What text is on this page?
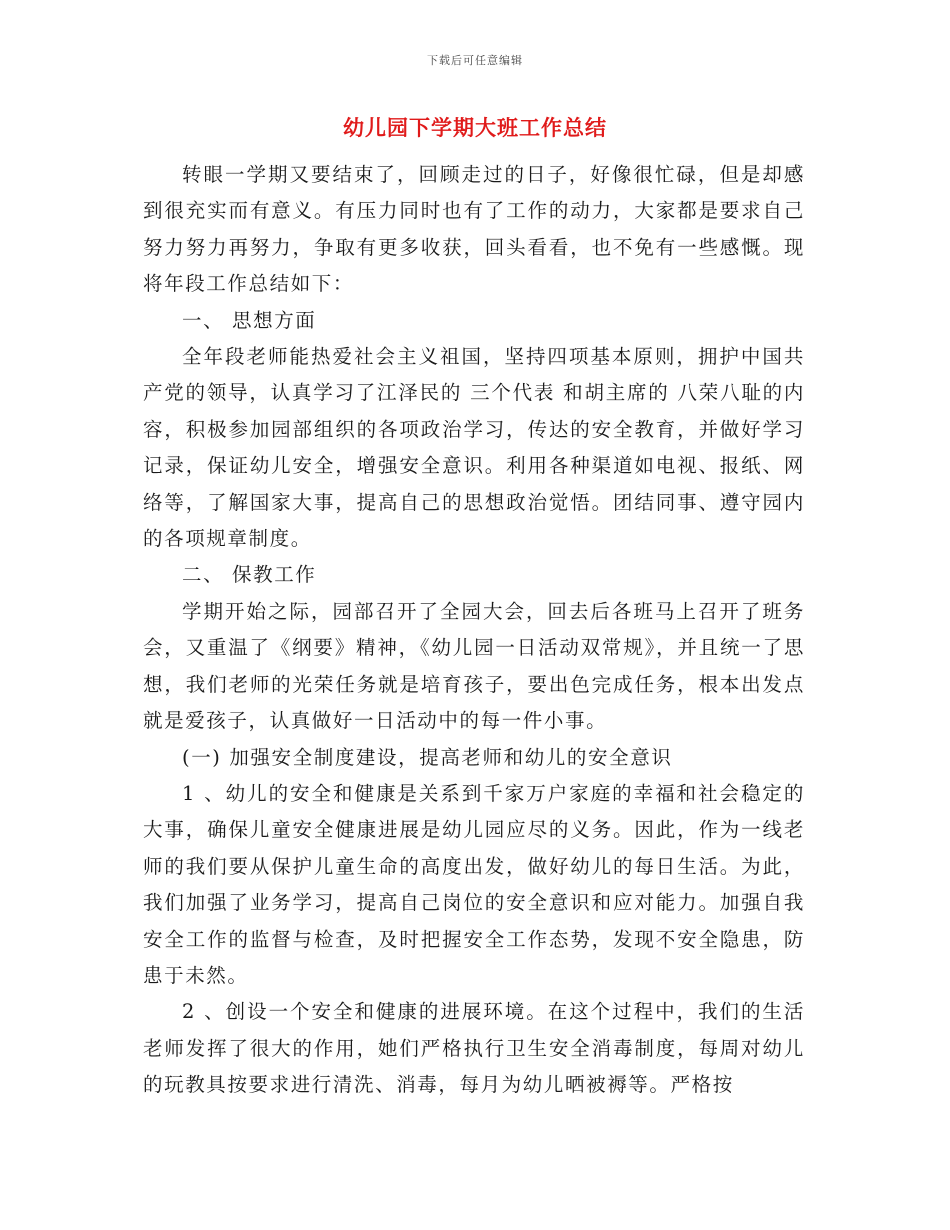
下载后可任意编辑
幼儿园下学期大班工作总结

转眼一学期又要结束了，回顾走过的日子，好像很忙碌，但是却感到很充实而有意义。有压力同时也有了工作的动力，大家都是要求自己努力努力再努力，争取有更多收获，回头看看，也不免有一些感慨。现将年段工作总结如下：

一、 思想方面

全年段老师能热爱社会主义祖国，坚持四项基本原则，拥护中国共产党的领导，认真学习了江泽民的 三个代表 和胡主席的 八荣八耻的内容，积极参加园部组织的各项政治学习，传达的安全教育，并做好学习记录，保证幼儿安全，增强安全意识。利用各种渠道如电视、报纸、网络等，了解国家大事，提高自己的思想政治觉悟。团结同事、遵守园内的各项规章制度。

二、 保教工作

学期开始之际，园部召开了全园大会，回去后各班马上召开了班务会，又重温了《纲要》精神，《幼儿园一日活动双常规》，并且统一了思想，我们老师的光荣任务就是培育孩子，要出色完成任务，根本出发点就是爱孩子，认真做好一日活动中的每一件小事。

(一) 加强安全制度建设，提高老师和幼儿的安全意识

1 、幼儿的安全和健康是关系到千家万户家庭的幸福和社会稳定的大事，确保儿童安全健康进展是幼儿园应尽的义务。因此，作为一线老师的我们要从保护儿童生命的高度出发，做好幼儿的每日生活。为此，我们加强了业务学习，提高自己岗位的安全意识和应对能力。加强自我安全工作的监督与检查，及时把握安全工作态势，发现不安全隐患，防患于未然。

2 、创设一个安全和健康的进展环境。在这个过程中，我们的生活老师发挥了很大的作用，她们严格执行卫生安全消毒制度，每周对幼儿的玩教具按要求进行清洗、消毒，每月为幼儿晒被褥等。严格按
